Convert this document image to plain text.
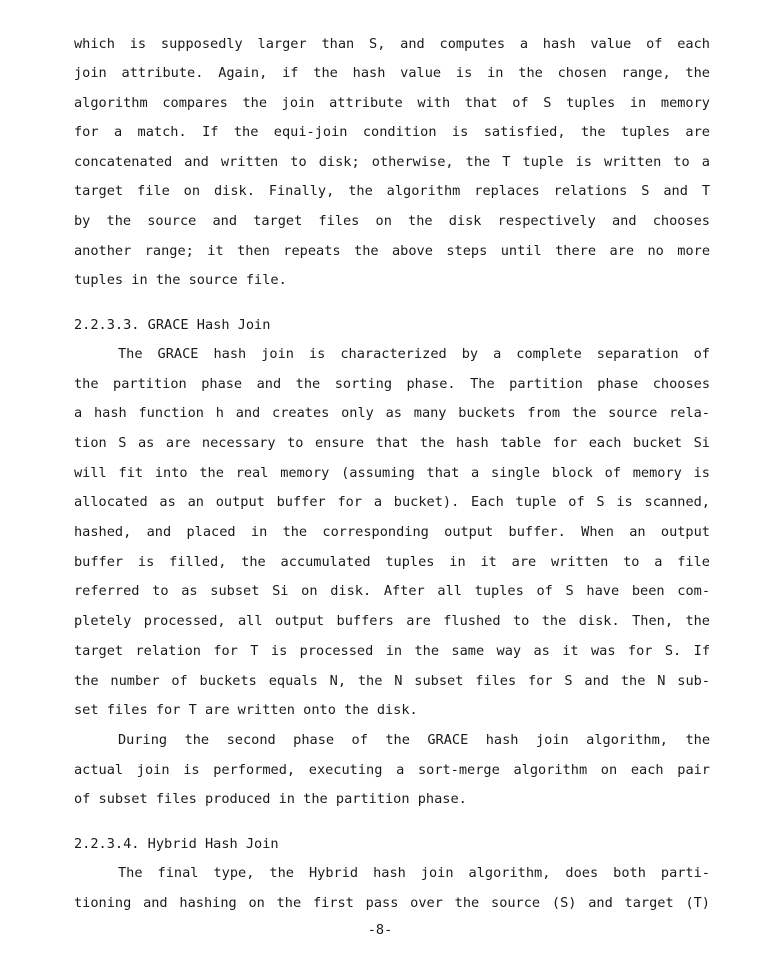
which is supposedly larger than S, and computes a hash value of each
join attribute. Again, if the hash value is in the chosen range, the
algorithm compares the join attribute with that of S tuples in memory
for a match. If the equi-join condition is satisfied, the tuples are
concatenated and written to disk; otherwise, the T tuple is written to a
target file on disk. Finally, the algorithm replaces relations S and T
by the source and target files on the disk respectively and chooses
another range; it then repeats the above steps until there are no more
tuples in the source file.
2.2.3.3. GRACE Hash Join
The GRACE hash join is characterized by a complete separation of
the partition phase and the sorting phase. The partition phase chooses
a hash function h and creates only as many buckets from the source rela-
tion S as are necessary to ensure that the hash table for each bucket Si
will fit into the real memory (assuming that a single block of memory is
allocated as an output buffer for a bucket). Each tuple of S is scanned,
hashed, and placed in the corresponding output buffer. When an output
buffer is filled, the accumulated tuples in it are written to a file
referred to as subset Si on disk. After all tuples of S have been com-
pletely processed, all output buffers are flushed to the disk. Then, the
target relation for T is processed in the same way as it was for S. If
the number of buckets equals N, the N subset files for S and the N sub-
set files for T are written onto the disk.
During the second phase of the GRACE hash join algorithm, the
actual join is performed, executing a sort-merge algorithm on each pair
of subset files produced in the partition phase.
2.2.3.4. Hybrid Hash Join
The final type, the Hybrid hash join algorithm, does both parti-
tioning and hashing on the first pass over the source (S) and target (T)
-8-
